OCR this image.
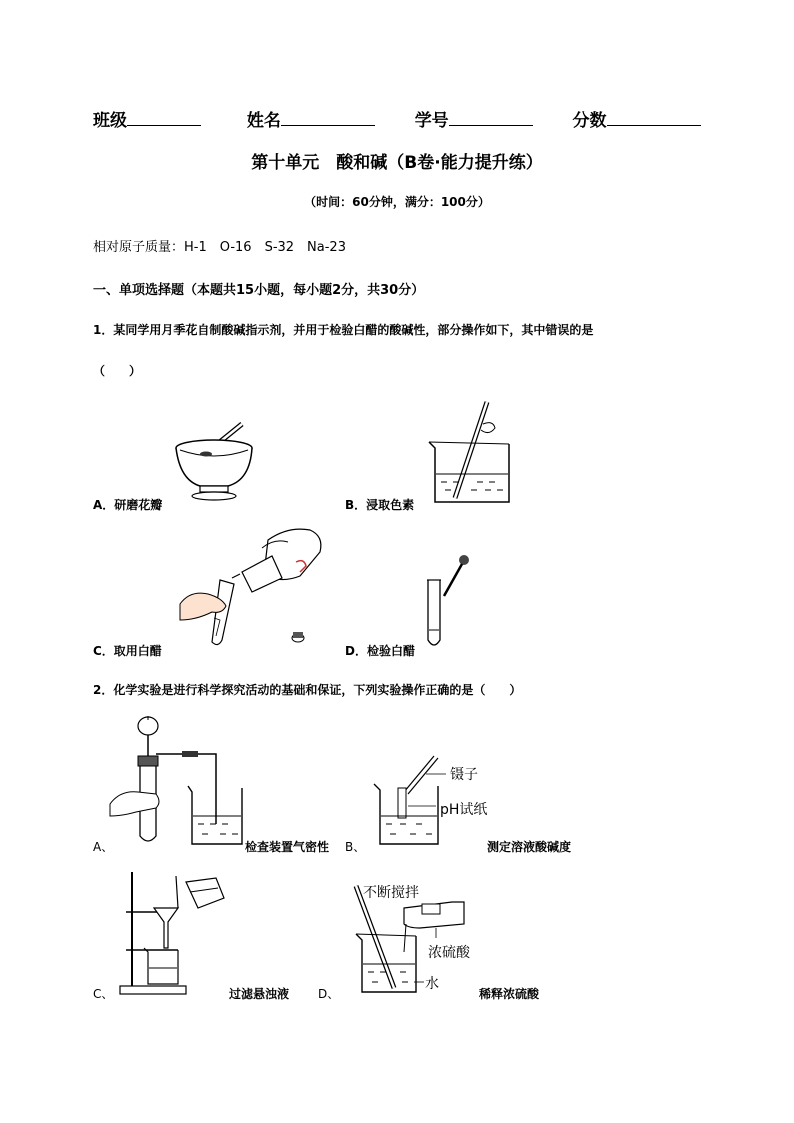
班级	姓名	学号	分数
第十单元　酸和碱（B卷·能力提升练）
（时间：60分钟，满分：100分）
相对原子质量：H-1　O-16　S-32　Na-23
一、单项选择题（本题共15小题，每小题2分，共30分）
1．某同学用月季花自制酸碱指示剂，并用于检验白醋的酸碱性，部分操作如下，其中错误的是
（　　）
A．研磨花瓣	B．浸取色素
C．取用白醋	D．检验白醋
2．化学实验是进行科学探究活动的基础和保证，下列实验操作正确的是（　　）
A、	检查装置气密性
镊子
pH试纸
B、	测定溶液酸碱度
C、	过滤悬浊液
不断搅拌
浓硫酸
水
D、	稀释浓硫酸
